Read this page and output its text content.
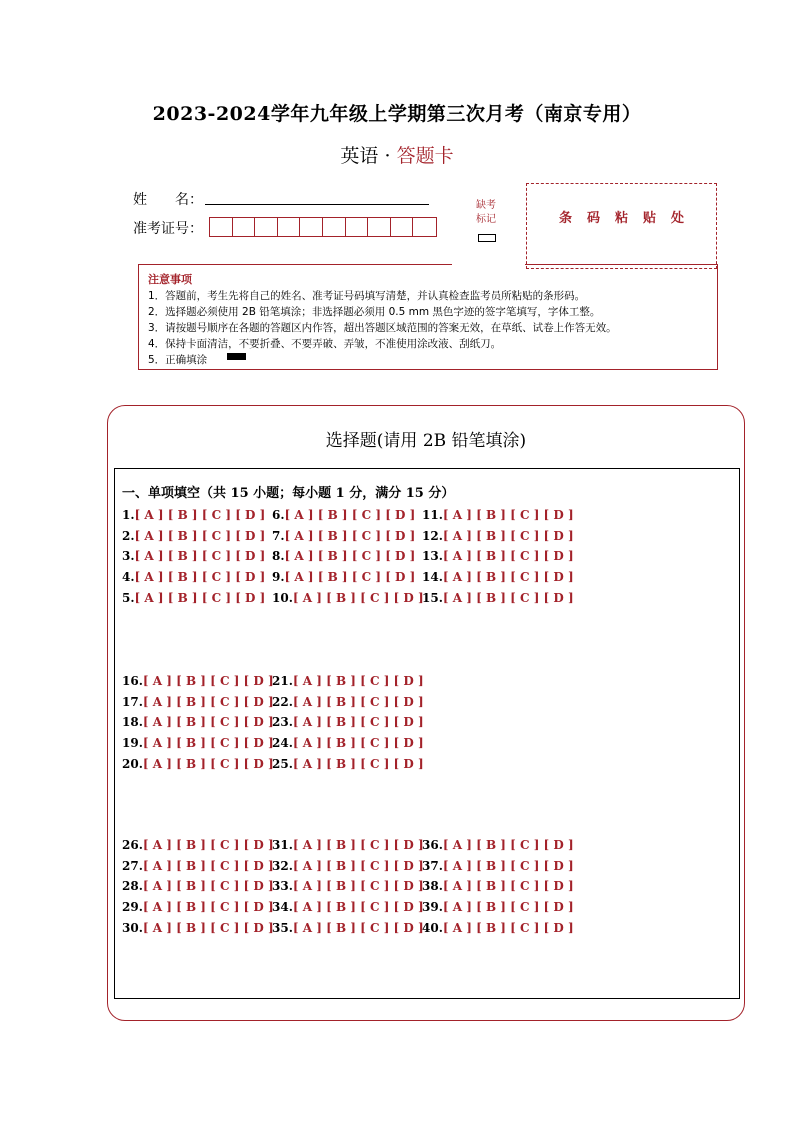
2023-2024学年九年级上学期第三次月考（南京专用）
英语 · 答题卡
姓　　名：
准考证号：
缺考
标记	条码粘贴处
注意事项
1．答题前，考生先将自己的姓名、准考证号码填写清楚，并认真检查监考员所粘贴的条形码。
2．选择题必须使用 2B 铅笔填涂；非选择题必须用 0.5 mm 黑色字迹的签字笔填写，字体工整。
3．请按题号顺序在各题的答题区内作答，超出答题区域范围的答案无效，在草纸、试卷上作答无效。
4．保持卡面清洁，不要折叠、不要弄破、弄皱，不准使用涂改液、刮纸刀。
5．正确填涂
选择题(请用 2B 铅笔填涂)
一、单项填空（共 15 小题；每小题 1 分，满分 15 分）
1.[ A ] [ B ] [ C ] [ D ]
2.[ A ] [ B ] [ C ] [ D ]
3.[ A ] [ B ] [ C ] [ D ]
4.[ A ] [ B ] [ C ] [ D ]
5.[ A ] [ B ] [ C ] [ D ]
6.[ A ] [ B ] [ C ] [ D ]
7.[ A ] [ B ] [ C ] [ D ]
8.[ A ] [ B ] [ C ] [ D ]
9.[ A ] [ B ] [ C ] [ D ]
10.[ A ] [ B ] [ C ] [ D ]
11.[ A ] [ B ] [ C ] [ D ]
12.[ A ] [ B ] [ C ] [ D ]
13.[ A ] [ B ] [ C ] [ D ]
14.[ A ] [ B ] [ C ] [ D ]
15.[ A ] [ B ] [ C ] [ D ]
16.[ A ] [ B ] [ C ] [ D ]
17.[ A ] [ B ] [ C ] [ D ]
18.[ A ] [ B ] [ C ] [ D ]
19.[ A ] [ B ] [ C ] [ D ]
20.[ A ] [ B ] [ C ] [ D ]
21.[ A ] [ B ] [ C ] [ D ]
22.[ A ] [ B ] [ C ] [ D ]
23.[ A ] [ B ] [ C ] [ D ]
24.[ A ] [ B ] [ C ] [ D ]
25.[ A ] [ B ] [ C ] [ D ]
26.[ A ] [ B ] [ C ] [ D ]
27.[ A ] [ B ] [ C ] [ D ]
28.[ A ] [ B ] [ C ] [ D ]
29.[ A ] [ B ] [ C ] [ D ]
30.[ A ] [ B ] [ C ] [ D ]
31.[ A ] [ B ] [ C ] [ D ]
32.[ A ] [ B ] [ C ] [ D ]
33.[ A ] [ B ] [ C ] [ D ]
34.[ A ] [ B ] [ C ] [ D ]
35.[ A ] [ B ] [ C ] [ D ]
36.[ A ] [ B ] [ C ] [ D ]
37.[ A ] [ B ] [ C ] [ D ]
38.[ A ] [ B ] [ C ] [ D ]
39.[ A ] [ B ] [ C ] [ D ]
40.[ A ] [ B ] [ C ] [ D ]
